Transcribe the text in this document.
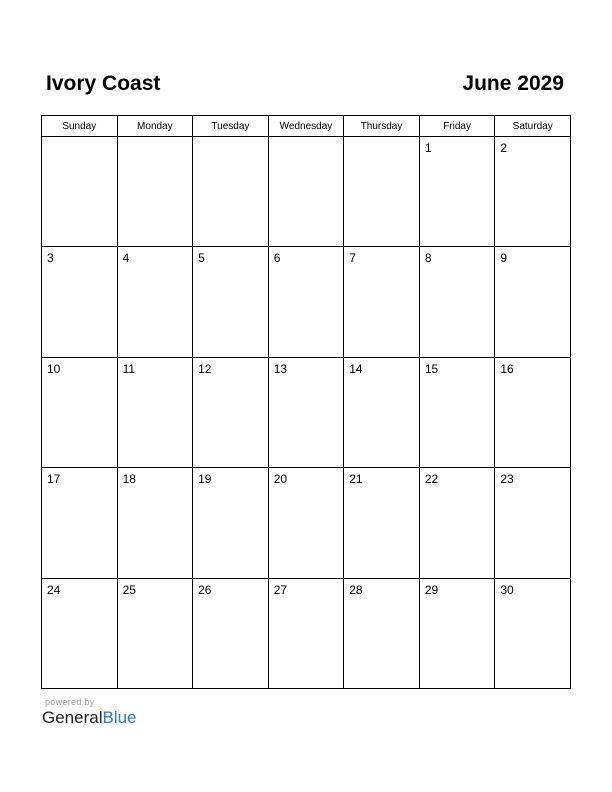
Ivory Coast	June 2029
Sunday	Monday	Tuesday	Wednesday	Thursday	Friday	Saturday

					1	2

3	4	5	6	7	8	9

10	11	12	13	14	15	16

17	18	19	20	21	22	23

24	25	26	27	28	29	30
powered by
GeneralBlue
